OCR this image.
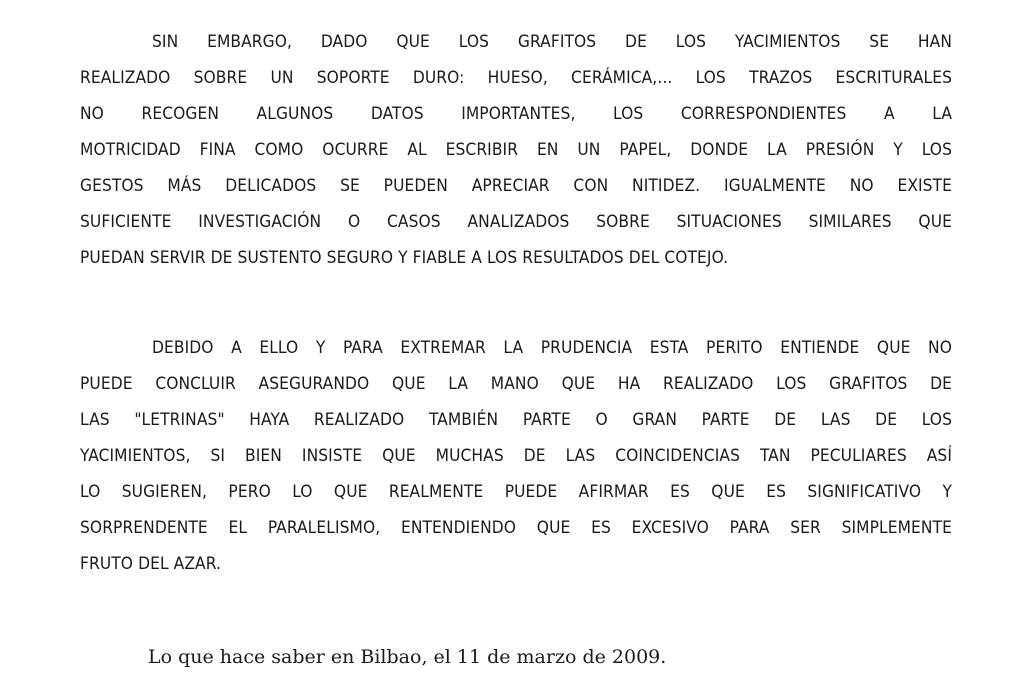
SIN EMBARGO, DADO QUE LOS GRAFITOS DE LOS YACIMIENTOS SE HAN
REALIZADO SOBRE UN SOPORTE DURO: HUESO, CERÁMICA,... LOS TRAZOS ESCRITURALES
NO RECOGEN ALGUNOS DATOS IMPORTANTES, LOS CORRESPONDIENTES A LA
MOTRICIDAD FINA COMO OCURRE AL ESCRIBIR EN UN PAPEL, DONDE LA PRESIÓN Y LOS
GESTOS MÁS DELICADOS SE PUEDEN APRECIAR CON NITIDEZ. IGUALMENTE NO EXISTE
SUFICIENTE INVESTIGACIÓN O CASOS ANALIZADOS SOBRE SITUACIONES SIMILARES QUE
PUEDAN SERVIR DE SUSTENTO SEGURO Y FIABLE A LOS RESULTADOS DEL COTEJO.
DEBIDO A ELLO Y PARA EXTREMAR LA PRUDENCIA ESTA PERITO ENTIENDE QUE NO
PUEDE CONCLUIR ASEGURANDO QUE LA MANO QUE HA REALIZADO LOS GRAFITOS DE
LAS "LETRINAS" HAYA REALIZADO TAMBIÉN PARTE O GRAN PARTE DE LAS DE LOS
YACIMIENTOS, SI BIEN INSISTE QUE MUCHAS DE LAS COINCIDENCIAS TAN PECULIARES ASÍ
LO SUGIEREN, PERO LO QUE REALMENTE PUEDE AFIRMAR ES QUE ES SIGNIFICATIVO Y
SORPRENDENTE EL PARALELISMO, ENTENDIENDO QUE ES EXCESIVO PARA SER SIMPLEMENTE
FRUTO DEL AZAR.

Lo que hace saber en Bilbao, el 11 de marzo de 2009.
